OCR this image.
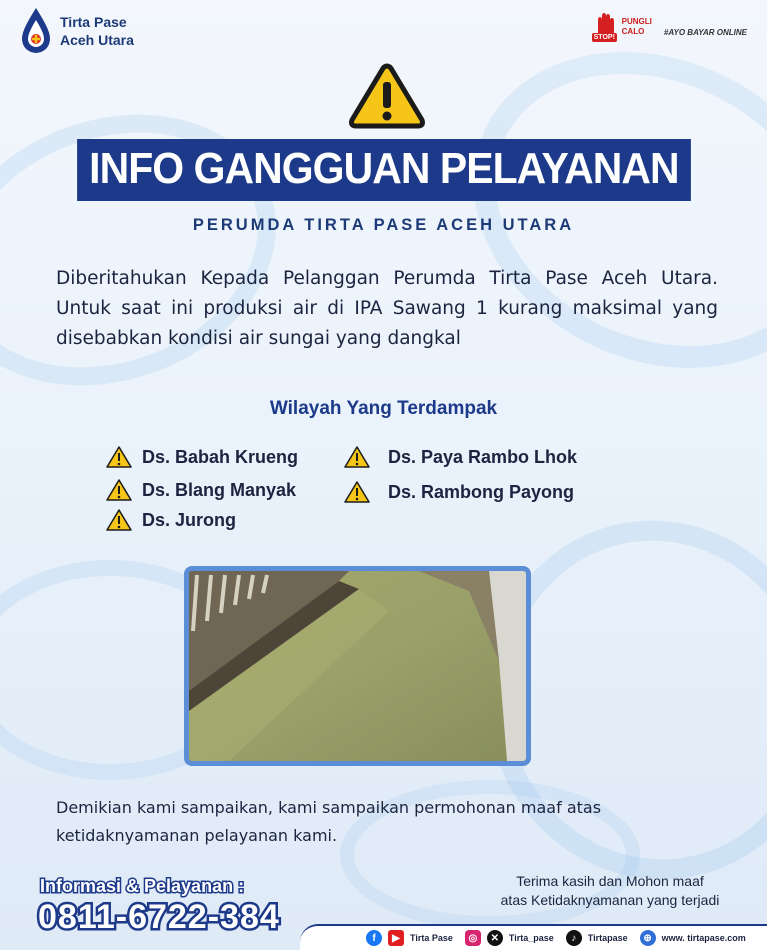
Tirta Pase
Aceh Utara	STOP!
PUNGLI
CALO	#AYO BAYAR ONLINE
INFO GANGGUAN PELAYANAN
PERUMDA TIRTA PASE ACEH UTARA
Diberitahukan Kepada Pelanggan Perumda Tirta Pase Aceh Utara. Untuk saat ini produksi air di IPA Sawang 1 kurang maksimal yang disebabkan kondisi air sungai yang dangkal
Wilayah Yang Terdampak
Ds. Babah Krueng
Ds. Blang Manyak
Ds. Jurong
Ds. Paya Rambo Lhok
Ds. Rambong Payong
Demikian kami sampaikan, kami sampaikan permohonan maaf atas ketidaknyamanan pelayanan kami.
Informasi & Pelayanan :
0811-6722-384
Terima kasih dan Mohon maaf
atas Ketidaknyamanan yang terjadi
f	▶	Tirta Pase	◎	✕	Tirta_pase	♪	Tirtapase	⊕	www. tirtapase.com
